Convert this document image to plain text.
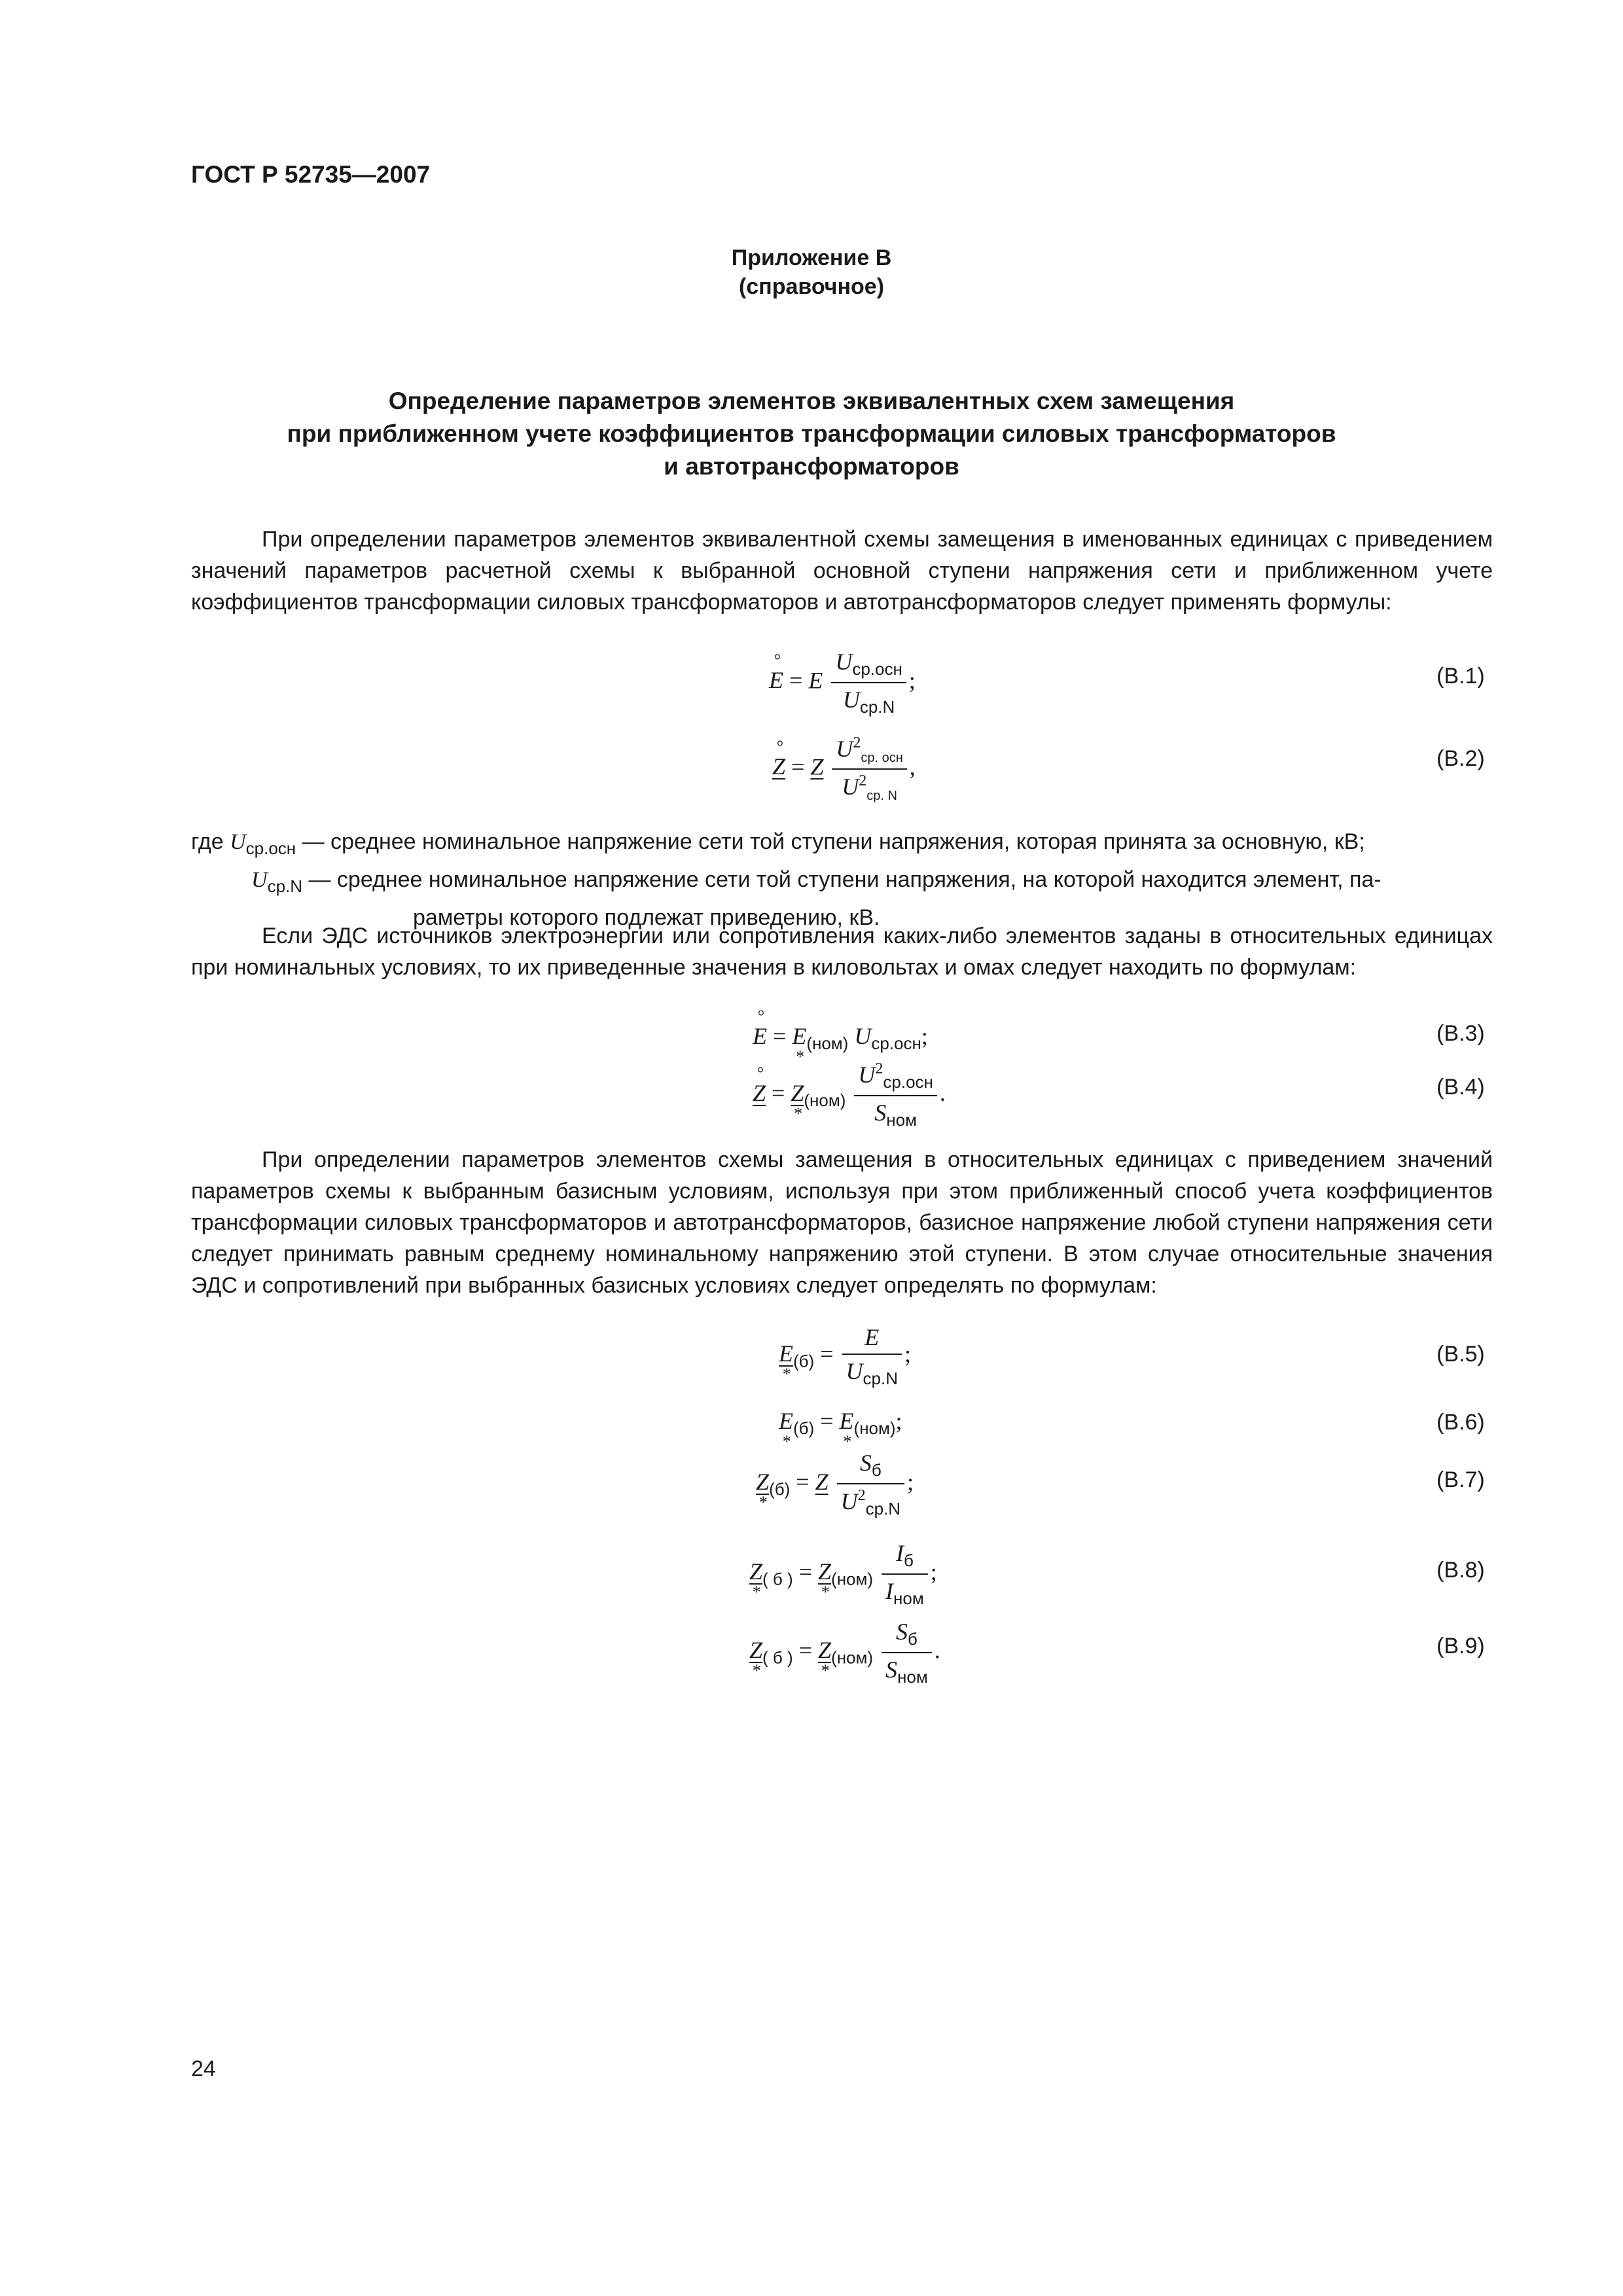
ГОСТ Р 52735—2007
Приложение В
(справочное)
Определение параметров элементов эквивалентных схем замещения
при приближенном учете коэффициентов трансформации силовых трансформаторов
и автотрансформаторов
При определении параметров элементов эквивалентной схемы замещения в именованных единицах с приведением значений параметров расчетной схемы к выбранной основной ступени напряжения сети и приближенном учете коэффициентов трансформации силовых трансформаторов и автотрансформаторов следует применять формулы:
° E = E $\frac{U_{ср.осн}}{U_{ср.N}}$ ;	(В.1)
° Z = Z $\frac{U^2_{ср. осн}}{U^2_{ср. N}}$ ,	(В.2)
где $U_{ср.осн}$ — среднее номинальное напряжение сети той ступени напряжения, которая принята за основную, кВ;
$U_{ср.N}$ — среднее номинальное напряжение сети той ступени напряжения, на которой находится элемент, па-
раметры которого подлежат приведению, кВ.
Если ЭДС источников электроэнергии или сопротивления каких-либо элементов заданы в относительных единицах при номинальных условиях, то их приведенные значения в киловольтах и омах следует находить по формулам:
° E = E $*_{(ном)}$ $U_{ср.осн}$;	(В.3)
° Z = Z $*_{(ном)} \frac{U^2_{ср.осн}}{S_{ном}}$ .	(В.4)
При определении параметров элементов схемы замещения в относительных единицах с приведением значений параметров схемы к выбранным базисным условиям, используя при этом приближенный способ учета коэффициентов трансформации силовых трансформаторов и автотрансформаторов, базисное напряжение любой ступени напряжения сети следует принимать равным среднему номинальному напряжению этой ступени. В этом случае относительные значения ЭДС и сопротивлений при выбранных базисных условиях следует определять по формулам:
E $*_{(б)} = \frac{E}{U_{ср.N}}$ ;	(В.5)
E $*_{(б)} = E$ $*_{(ном)}$;	(В.6)
Z $*_{(б)} = Z \frac{S_б}{U^2_{ср.N}}$ ;	(В.7)
Z $*_{( б )} = Z$ $*_{(ном)} \frac{I_б}{I_{ном}}$ ;	(В.8)
Z $*_{( б )} = Z$ $*_{(ном)} \frac{S_б}{S_{ном}}$ .	(В.9)
24
